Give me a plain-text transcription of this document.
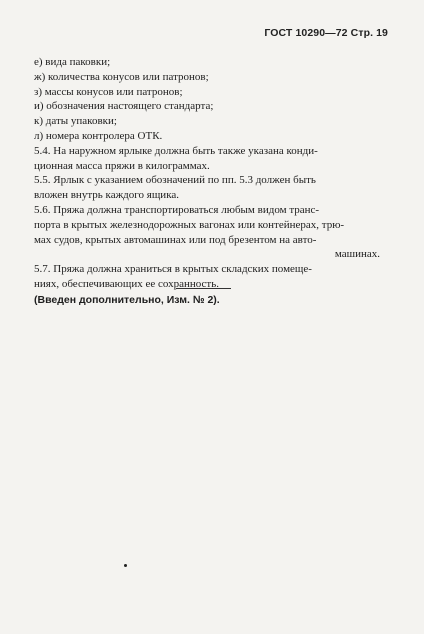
ГОСТ 10290—72 Стр. 19
е) вида паковки;
ж) количества конусов или патронов;
з) массы конусов или патронов;
и) обозначения настоящего стандарта;
к) даты упаковки;
л) номера контролера ОТК.
5.4. На наружном ярлыке должна быть также указана конди-
ционная масса пряжи в килограммах.
5.5. Ярлык с указанием обозначений по пп. 5.3 должен быть
вложен внутрь каждого ящика.
5.6. Пряжа должна транспортироваться любым видом транс-
порта в крытых железнодорожных вагонах или контейнерах, трю-
мах судов, крытых автомашинах или под брезентом на авто-
машинах.
5.7. Пряжа должна храниться в крытых складских помеще-
ниях, обеспечивающих ее сохранность.
(Введен дополнительно, Изм. № 2).
